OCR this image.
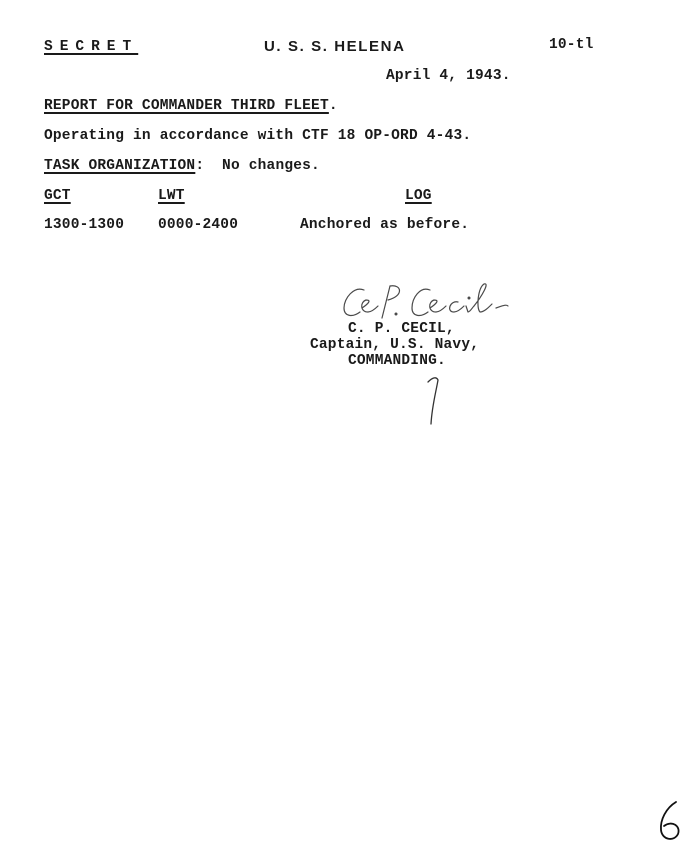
SECRET	U. S. S. HELENA	10-tl
April 4, 1943.
REPORT FOR COMMANDER THIRD FLEET.
Operating in accordance with CTF 18 OP-ORD 4-43.
TASK ORGANIZATION: No changes.
GCT	LWT	LOG
1300-1300 0000-2400	Anchored as before.
C. P. CECIL,
Captain, U.S. Navy,
COMMANDING.
